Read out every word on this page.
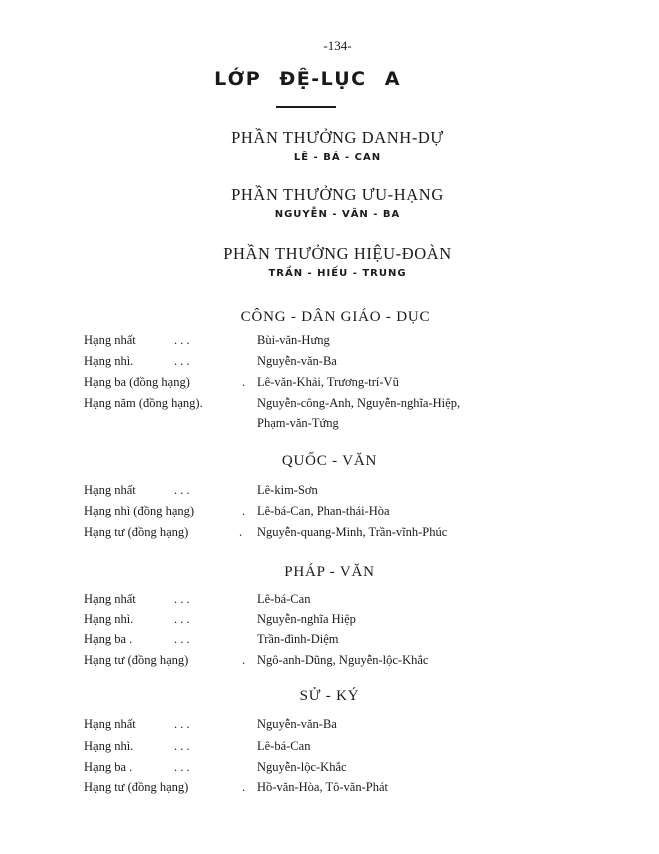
-134-
LỚP ĐỆ-LỤC A
PHẦN THƯỞNG DANH-DỰ
LÊ - BÁ - CAN
PHẦN THƯỞNG ƯU-HẠNG
NGUYỄN - VĂN - BA
PHẦN THƯỞNG HIỆU-ĐOÀN
TRẦN - HIẾU - TRUNG
CÔNG - DÂN GIÁO - DỤC
Hạng nhất	. . .	Bùi-văn-Hưng
Hạng nhì.	. . .	Nguyễn-văn-Ba
Hạng ba (đồng hạng)	. Lê-văn-Khải, Trương-trí-Vũ
Hạng năm (đồng hạng).	Nguyễn-công-Anh, Nguyễn-nghĩa-Hiệp,
Phạm-văn-Tứng
QUỐC - VĂN
Hạng nhất	. . .	Lê-kim-Sơn
Hạng nhì (đồng hạng)	. Lê-bá-Can, Phan-thái-Hòa
Hạng tư (đồng hạng)	. Nguyễn-quang-Minh, Trần-vĩnh-Phúc
PHÁP - VĂN
Hạng nhất	. . .	Lê-bá-Can
Hạng nhì.	. . .	Nguyễn-nghĩa Hiệp
Hạng ba .	. . .	Trần-đình-Diệm
Hạng tư (đồng hạng)	. Ngô-anh-Dũng, Nguyễn-lộc-Khắc
SỬ - KÝ
Hạng nhất	. . .	Nguyễn-văn-Ba
Hạng nhì.	. . .	Lê-bá-Can
Hạng ba .	. . .	Nguyễn-lộc-Khắc
Hạng tư (đồng hạng)	. Hồ-văn-Hòa, Tô-văn-Phát
